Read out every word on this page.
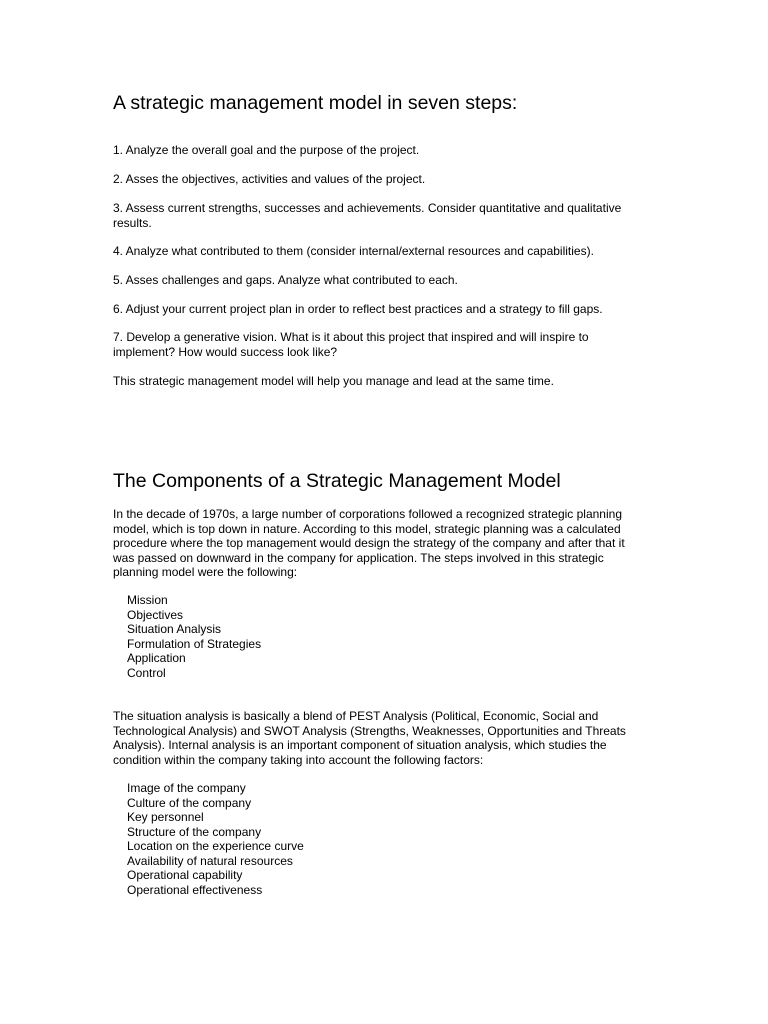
A strategic management model in seven steps:

1. Analyze the overall goal and the purpose of the project.

2. Asses the objectives, activities and values of the project.

3. Assess current strengths, successes and achievements. Consider quantitative and qualitative results.

4. Analyze what contributed to them (consider internal/external resources and capabilities).

5. Asses challenges and gaps. Analyze what contributed to each.

6. Adjust your current project plan in order to reflect best practices and a strategy to fill gaps.

7. Develop a generative vision. What is it about this project that inspired and will inspire to implement? How would success look like?

This strategic management model will help you manage and lead at the same time.

The Components of a Strategic Management Model

In the decade of 1970s, a large number of corporations followed a recognized strategic planning model, which is top down in nature. According to this model, strategic planning was a calculated procedure where the top management would design the strategy of the company and after that it was passed on downward in the company for application. The steps involved in this strategic planning model were the following:

Mission
Objectives
Situation Analysis
Formulation of Strategies
Application
Control

The situation analysis is basically a blend of PEST Analysis (Political, Economic, Social and Technological Analysis) and SWOT Analysis (Strengths, Weaknesses, Opportunities and Threats Analysis). Internal analysis is an important component of situation analysis, which studies the condition within the company taking into account the following factors:

Image of the company
Culture of the company
Key personnel
Structure of the company
Location on the experience curve
Availability of natural resources
Operational capability
Operational effectiveness
